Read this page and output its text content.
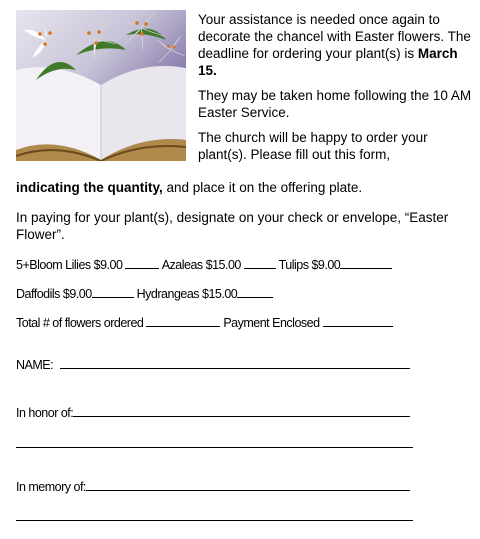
Your assistance is needed once again to decorate the chancel with Easter flowers. The deadline for ordering your plant(s) is March 15.

They may be taken home following the 10 AM Easter Service.

The church will be happy to order your
plant(s). Please fill out this form,

indicating the quantity, and place it on the offering plate.
In paying for your plant(s), designate on your check or envelope, “Easter Flower”.
5+Bloom Lilies $9.00	Azaleas $15.00	Tulips $9.00
Daffodils $9.00	Hydrangeas $15.00
Total # of flowers ordered	Payment Enclosed
NAME:
In honor of:
In memory of:
